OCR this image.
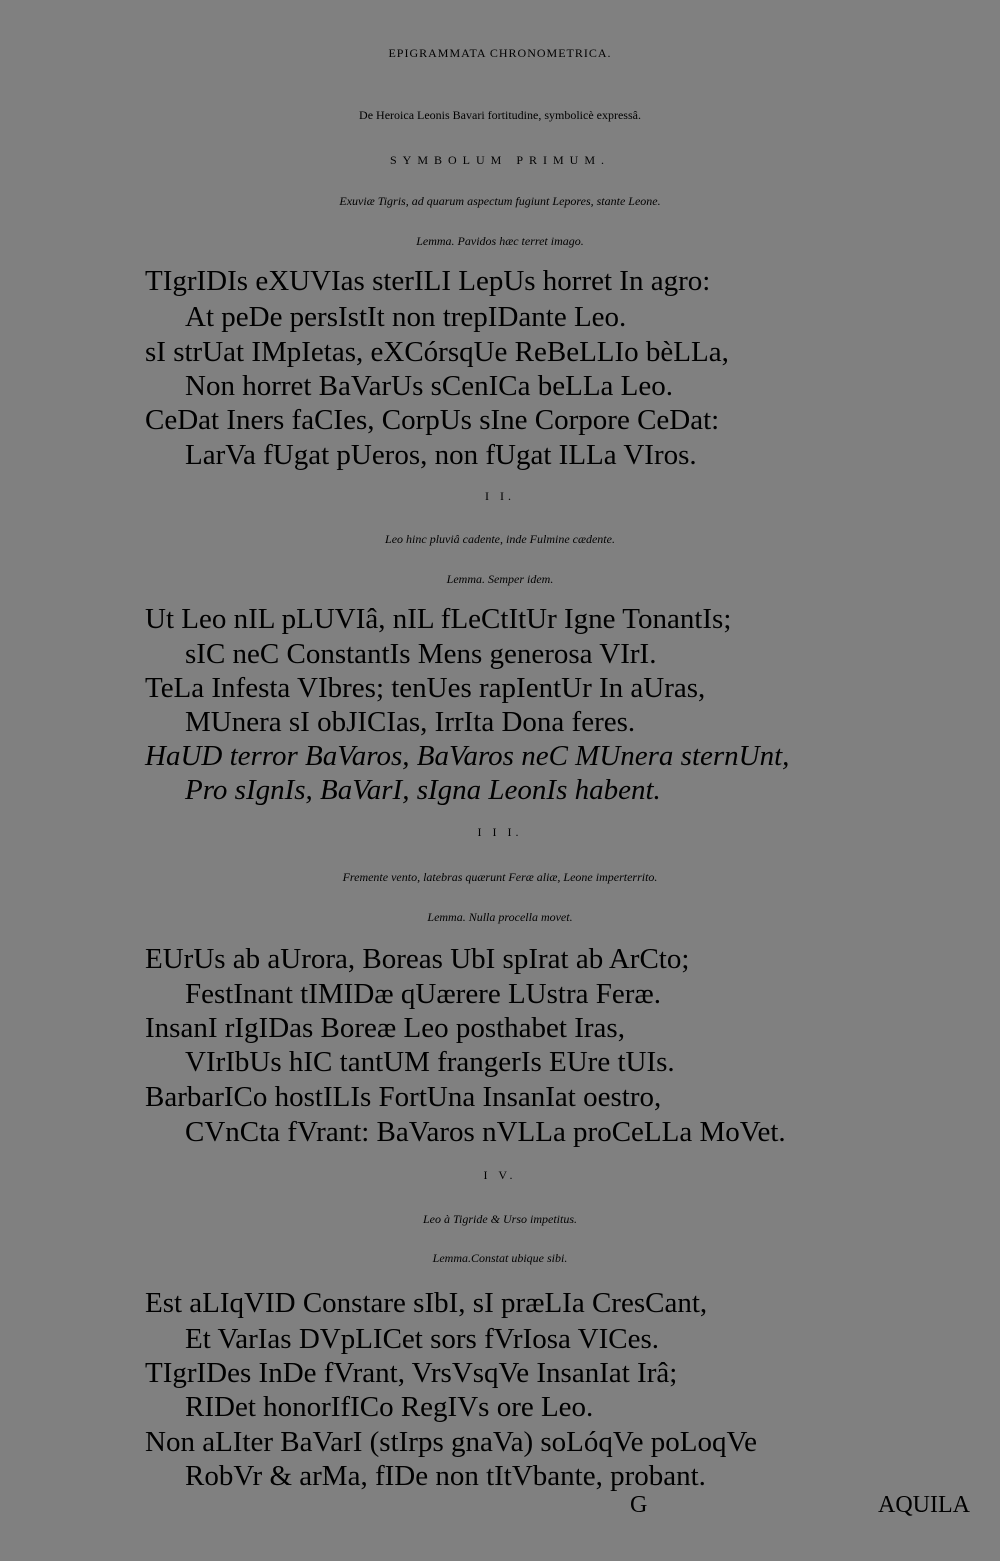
EPIGRAMMATA CHRONOMETRICA.
De Heroica Leonis Bavari fortitudine, symbolicè expressâ.
SYMBOLUM PRIMUM.
Exuviæ Tigris, ad quarum aspectum fugiunt Lepores, stante Leone.
Lemma. Pavidos hæc terret imago.
TIgrIDIs eXUVIas sterILI LepUs horret In agro:
At peDe persIstIt non trepIDante Leo.
sI strUat IMpIetas, eXCórsqUe ReBeLLIo bèLLa,
Non horret BaVarUs sCenICa beLLa Leo.
CeDat Iners faCIes, CorpUs sIne Corpore CeDat:
LarVa fUgat pUeros, non fUgat ILLa VIros.
I I.
Leo hinc pluviâ cadente, inde Fulmine cædente.
Lemma. Semper idem.
Ut Leo nIL pLUVIâ, nIL fLeCtItUr Igne TonantIs;
sIC neC ConstantIs Mens generosa VIrI.
TeLa Infesta VIbres; tenUes rapIentUr In aUras,
MUnera sI obJICIas, IrrIta Dona feres.
HaUD terror BaVaros, BaVaros neC MUnera sternUnt,
Pro sIgnIs, BaVarI, sIgna LeonIs habent.
I I I.
Fremente vento, latebras quærunt Feræ aliæ, Leone imperterrito.
Lemma. Nulla procella movet.
EUrUs ab aUrora, Boreas UbI spIrat ab ArCto;
FestInant tIMIDæ qUærere LUstra Feræ.
InsanI rIgIDas Boreæ Leo posthabet Iras,
VIrIbUs hIC tantUM frangerIs EUre tUIs.
BarbarICo hostILIs FortUna InsanIat oestro,
CVnCta fVrant: BaVaros nVLLa proCeLLa MoVet.
I V.
Leo à Tigride & Urso impetitus.
Lemma.Constat ubique sibi.
Est aLIqVID Constare sIbI, sI præLIa CresCant,
Et VarIas DVpLICet sors fVrIosa VICes.
TIgrIDes InDe fVrant, VrsVsqVe InsanIat Irâ;
RIDet honorIfICo RegIVs ore Leo.
Non aLIter BaVarI (stIrps gnaVa) soLóqVe poLoqVe
RobVr & arMa, fIDe non tItVbante, probant.
G	AQUILA
